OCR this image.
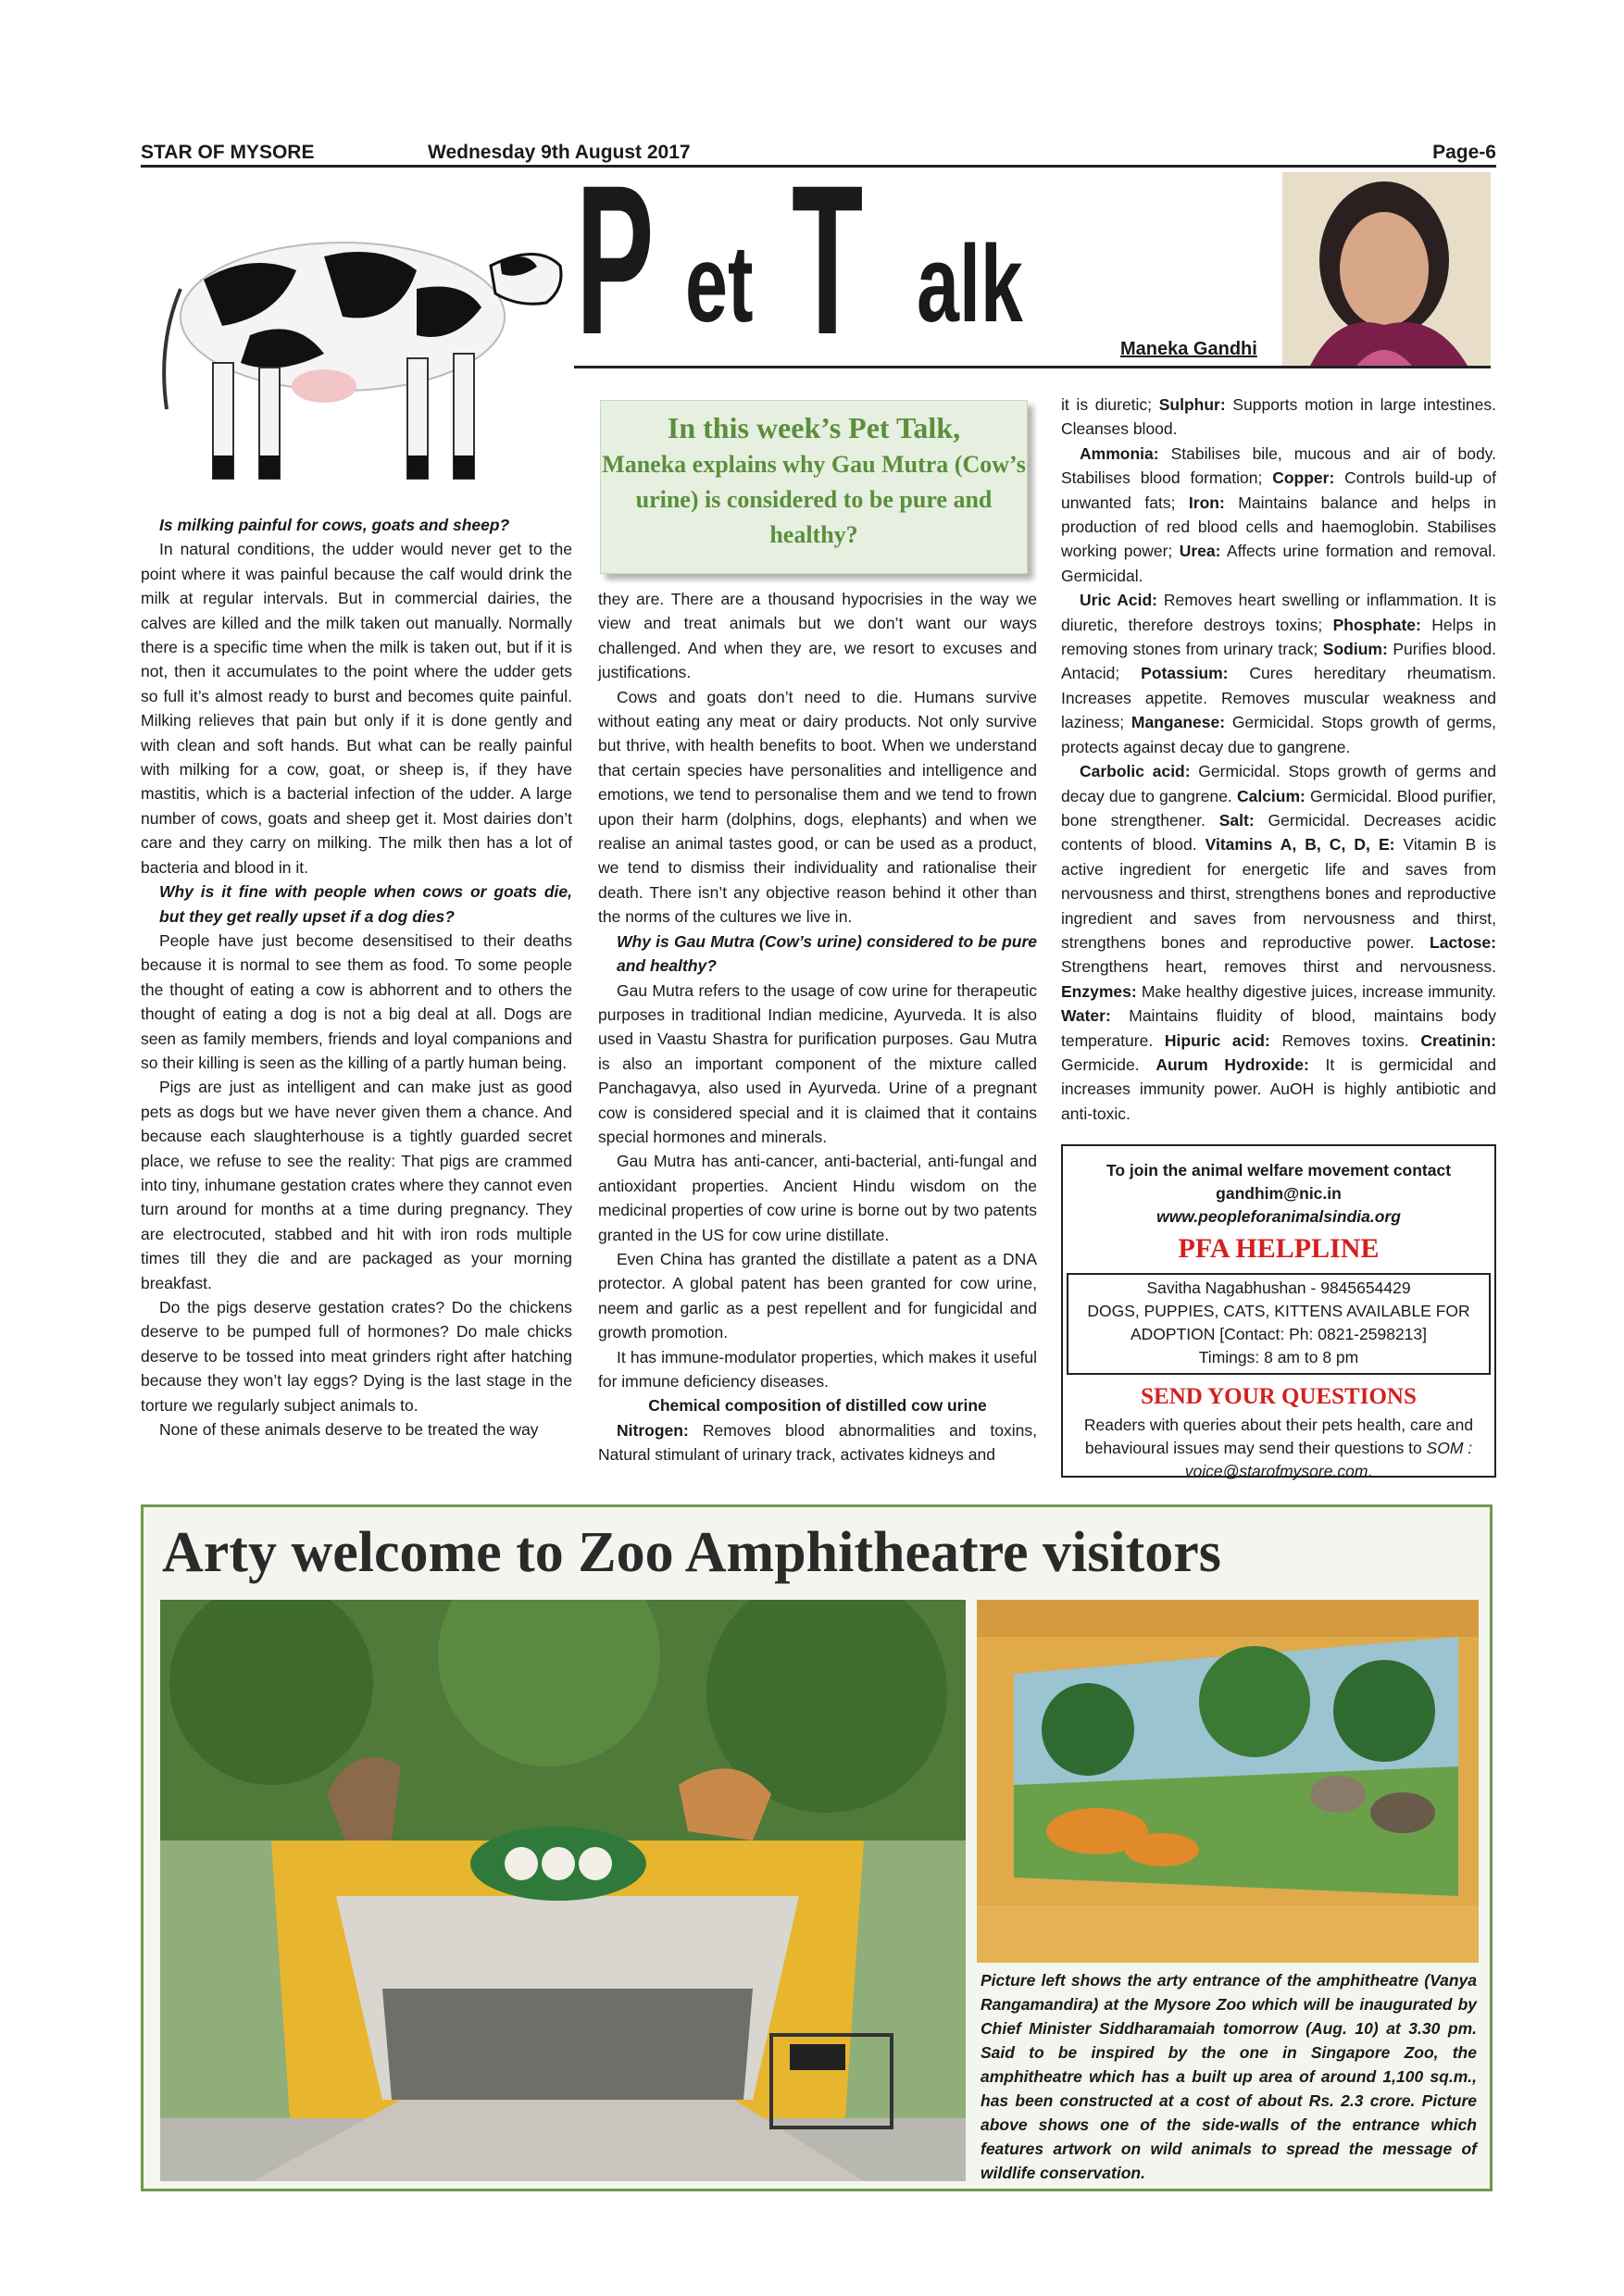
STAR OF MYSORE	Wednesday 9th August 2017	Page-6
P et T alk
Maneka Gandhi
In this week’s Pet Talk,
Maneka explains why Gau Mutra (Cow’s urine) is considered to be pure and healthy?

Is milking painful for cows, goats and sheep?

In natural conditions, the udder would never get to the point where it was painful because the calf would drink the milk at regular intervals. But in commercial dairies, the calves are killed and the milk taken out manually. Normally there is a specific time when the milk is taken out, but if it is not, then it accumulates to the point where the udder gets so full it’s almost ready to burst and becomes quite painful. Milking relieves that pain but only if it is done gently and with clean and soft hands. But what can be really painful with milking for a cow, goat, or sheep is, if they have mastitis, which is a bacterial infection of the udder. A large number of cows, goats and sheep get it. Most dairies don’t care and they carry on milking. The milk then has a lot of bacteria and blood in it.

Why is it fine with people when cows or goats die, but they get really upset if a dog dies?

People have just become desensitised to their deaths because it is normal to see them as food. To some people the thought of eating a cow is abhorrent and to others the thought of eating a dog is not a big deal at all. Dogs are seen as family members, friends and loyal companions and so their killing is seen as the killing of a partly human being.

Pigs are just as intelligent and can make just as good pets as dogs but we have never given them a chance. And because each slaughterhouse is a tightly guarded secret place, we refuse to see the reality: That pigs are crammed into tiny, inhumane gestation crates where they cannot even turn around for months at a time during pregnancy. They are electrocuted, stabbed and hit with iron rods multiple times till they die and are packaged as your morning breakfast.

Do the pigs deserve gestation crates? Do the chickens deserve to be pumped full of hormones? Do male chicks deserve to be tossed into meat grinders right after hatching because they won’t lay eggs? Dying is the last stage in the torture we regularly subject animals to.

None of these animals deserve to be treated the way

they are. There are a thousand hypocrisies in the way we view and treat animals but we don’t want our ways challenged. And when they are, we resort to excuses and justifications.

Cows and goats don’t need to die. Humans survive without eating any meat or dairy products. Not only survive but thrive, with health benefits to boot. When we understand that certain species have personalities and intelligence and emotions, we tend to personalise them and we tend to frown upon their harm (dolphins, dogs, elephants) and when we realise an animal tastes good, or can be used as a product, we tend to dismiss their individuality and rationalise their death. There isn’t any objective reason behind it other than the norms of the cultures we live in.

Why is Gau Mutra (Cow’s urine) considered to be pure and healthy?

Gau Mutra refers to the usage of cow urine for therapeutic purposes in traditional Indian medicine, Ayurveda. It is also used in Vaastu Shastra for purification purposes. Gau Mutra is also an important component of the mixture called Panchagavya, also used in Ayurveda. Urine of a pregnant cow is considered special and it is claimed that it contains special hormones and minerals.

Gau Mutra has anti-cancer, anti-bacterial, anti-fungal and antioxidant properties. Ancient Hindu wisdom on the medicinal properties of cow urine is borne out by two patents granted in the US for cow urine distillate.

Even China has granted the distillate a patent as a DNA protector. A global patent has been granted for cow urine, neem and garlic as a pest repellent and for fungicidal and growth promotion.

It has immune-modulator properties, which makes it useful for immune deficiency diseases.

Chemical composition of distilled cow urine

Nitrogen: Removes blood abnormalities and toxins, Natural stimulant of urinary track, activates kidneys and

it is diuretic; Sulphur: Supports motion in large intestines. Cleanses blood.

Ammonia: Stabilises bile, mucous and air of body. Stabilises blood formation; Copper: Controls build-up of unwanted fats; Iron: Maintains balance and helps in production of red blood cells and haemoglobin. Stabilises working power; Urea: Affects urine formation and removal. Germicidal.

Uric Acid: Removes heart swelling or inflammation. It is diuretic, therefore destroys toxins; Phosphate: Helps in removing stones from urinary track; Sodium: Purifies blood. Antacid; Potassium: Cures hereditary rheumatism. Increases appetite. Removes muscular weakness and laziness; Manganese: Germicidal. Stops growth of germs, protects against decay due to gangrene.

Carbolic acid: Germicidal. Stops growth of germs and decay due to gangrene. Calcium: Germicidal. Blood purifier, bone strengthener. Salt: Germicidal. Decreases acidic contents of blood. Vitamins A, B, C, D, E: Vitamin B is active ingredient for energetic life and saves from nervousness and thirst, strengthens bones and reproductive ingredient and saves from nervousness and thirst, strengthens bones and reproductive power. Lactose: Strengthens heart, removes thirst and nervousness. Enzymes: Make healthy digestive juices, increase immunity. Water: Maintains fluidity of blood, maintains body temperature. Hipuric acid: Removes toxins. Creatinin: Germicide. Aurum Hydroxide: It is germicidal and increases immunity power. AuOH is highly antibiotic and anti-toxic.

To join the animal welfare movement contact
gandhim@nic.in
www.peopleforanimalsindia.org
PFA HELPLINE
Savitha Nagabhushan - 9845654429
DOGS, PUPPIES, CATS, KITTENS AVAILABLE FOR ADOPTION [Contact: Ph: 0821-2598213]
Timings: 8 am to 8 pm
SEND YOUR QUESTIONS
Readers with queries about their pets health, care and behavioural issues may send their questions to SOM : voice@starofmysore.com.
Arty welcome to Zoo Amphitheatre visitors
Picture left shows the arty entrance of the amphitheatre (Vanya Rangamandira) at the Mysore Zoo which will be inaugurated by Chief Minister Siddharamaiah tomorrow (Aug. 10) at 3.30 pm. Said to be inspired by the one in Singapore Zoo, the amphitheatre which has a built up area of around 1,100 sq.m., has been constructed at a cost of about Rs. 2.3 crore. Picture above shows one of the side-walls of the entrance which features artwork on wild animals to spread the message of wildlife conservation.
